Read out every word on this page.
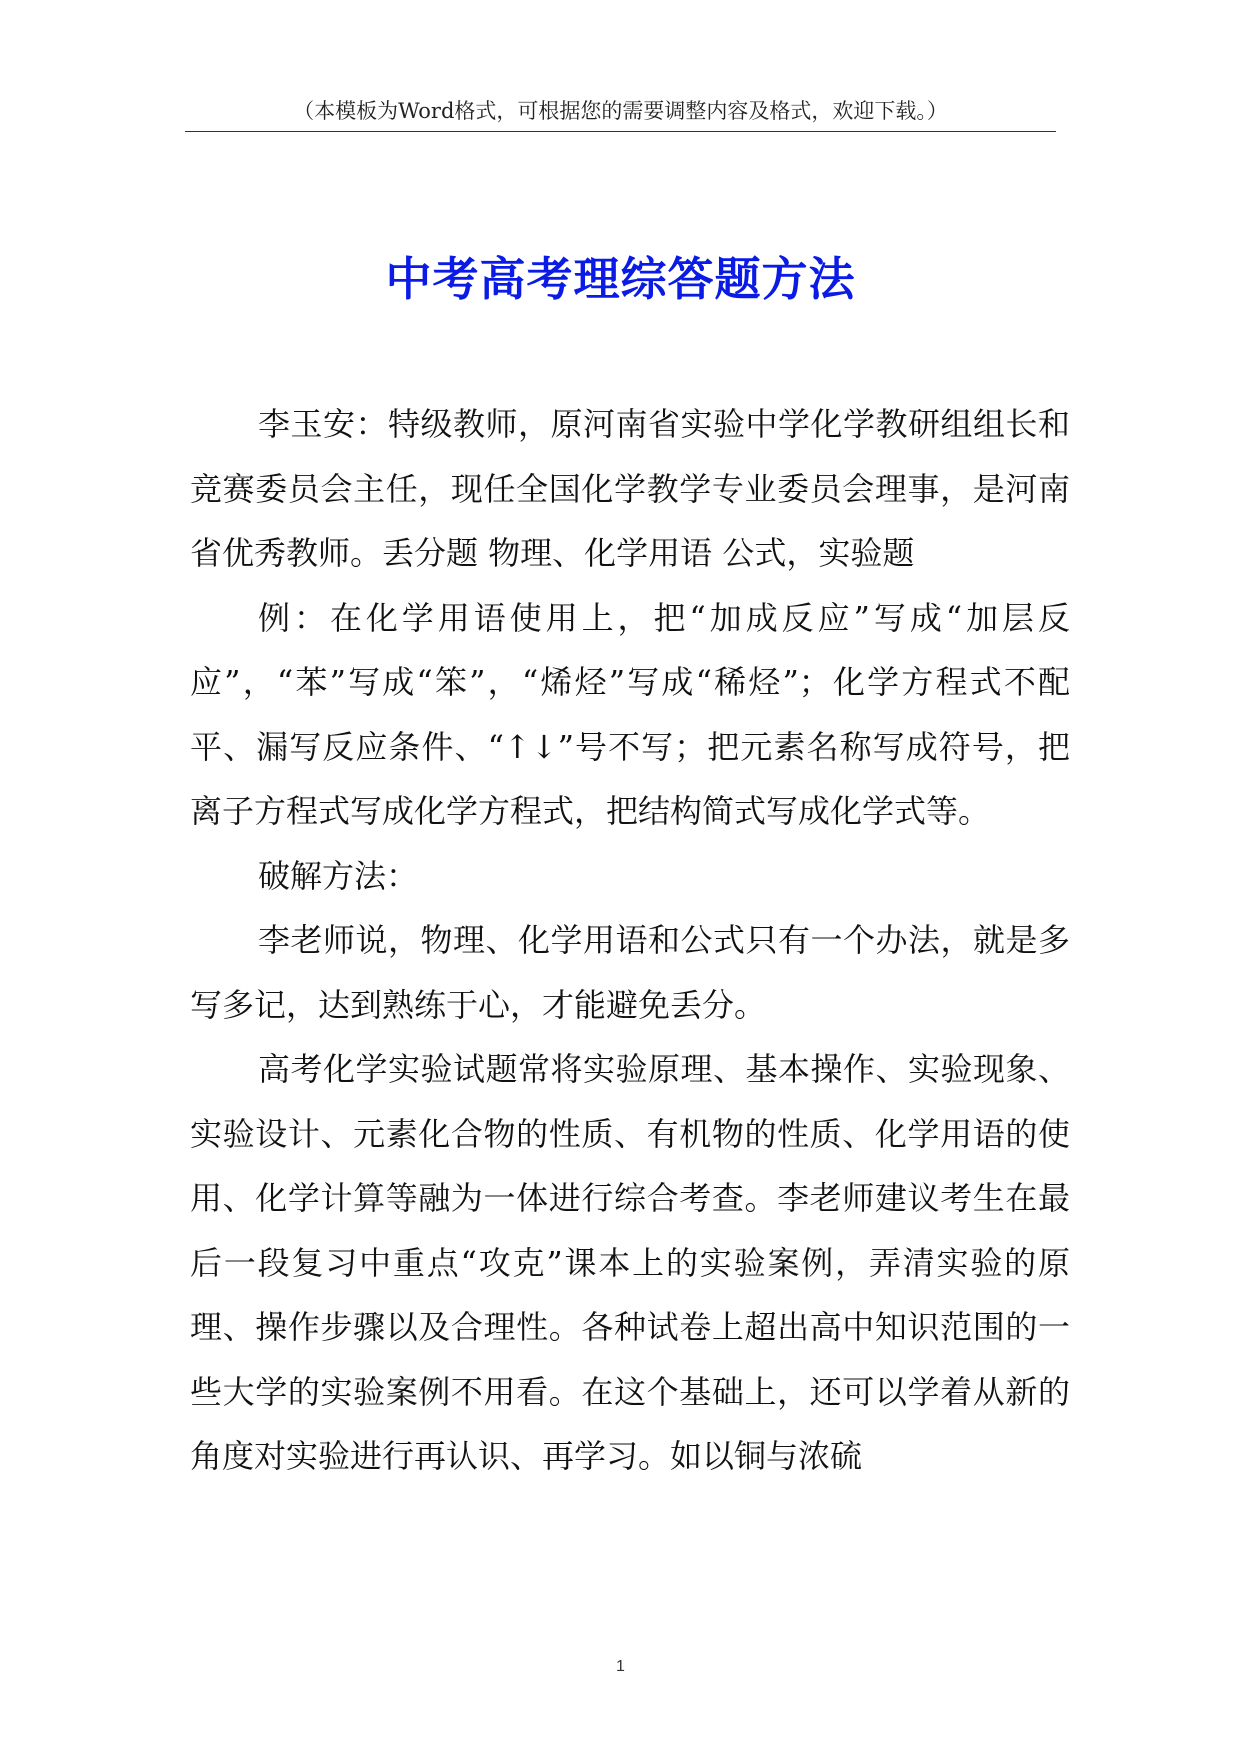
（本模板为Word格式，可根据您的需要调整内容及格式，欢迎下载。）
中考高考理综答题方法

李玉安：特级教师，原河南省实验中学化学教研组组长和竞赛委员会主任，现任全国化学教学专业委员会理事，是河南省优秀教师。丢分题 物理、化学用语 公式，实验题

例：在化学用语使用上，把“加成反应”写成“加层反应”，“苯”写成“笨”，“烯烃”写成“稀烃”；化学方程式不配平、漏写反应条件、“↑↓”号不写；把元素名称写成符号，把离子方程式写成化学方程式，把结构简式写成化学式等。

破解方法：

李老师说，物理、化学用语和公式只有一个办法，就是多写多记，达到熟练于心，才能避免丢分。

高考化学实验试题常将实验原理、基本操作、实验现象、实验设计、元素化合物的性质、有机物的性质、化学用语的使用、化学计算等融为一体进行综合考查。李老师建议考生在最后一段复习中重点“攻克”课本上的实验案例，弄清实验的原理、操作步骤以及合理性。各种试卷上超出高中知识范围的一些大学的实验案例不用看。在这个基础上，还可以学着从新的角度对实验进行再认识、再学习。如以铜与浓硫

1
